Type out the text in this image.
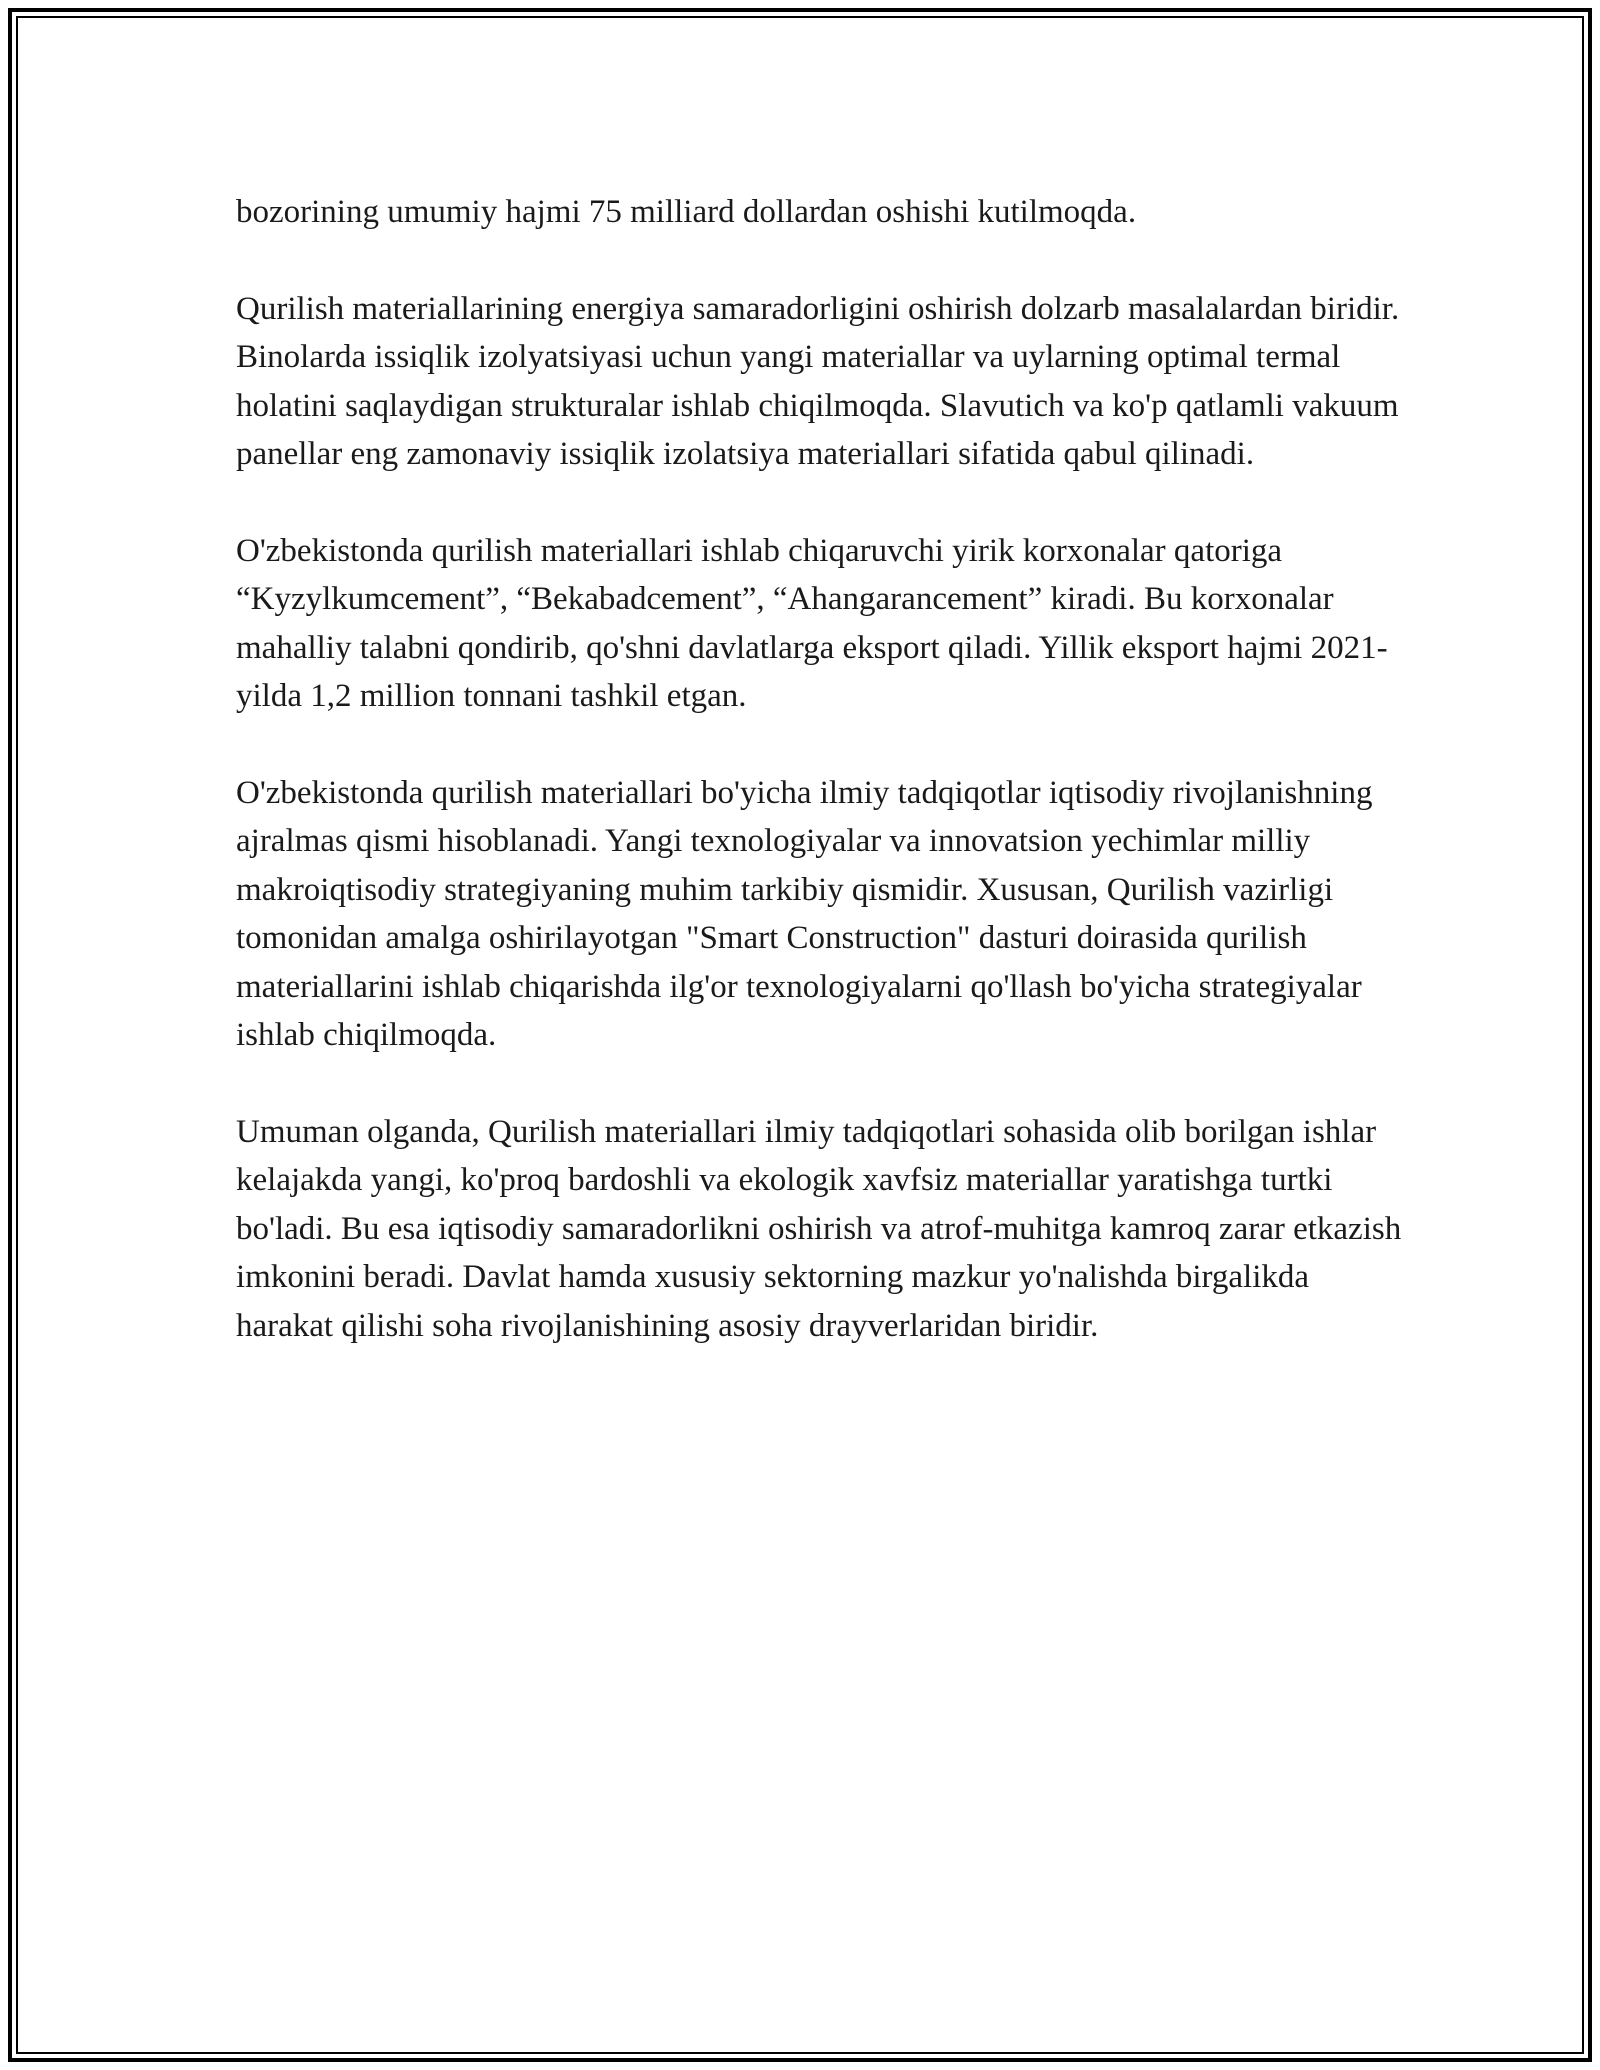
bozorining umumiy hajmi 75 milliard dollardan oshishi kutilmoqda.

Qurilish materiallarining energiya samaradorligini oshirish dolzarb masalalardan biridir. Binolarda issiqlik izolyatsiyasi uchun yangi materiallar va uylarning optimal termal holatini saqlaydigan strukturalar ishlab chiqilmoqda. Slavutich va ko'p qatlamli vakuum panellar eng zamonaviy issiqlik izolatsiya materiallari sifatida qabul qilinadi.

O'zbekistonda qurilish materiallari ishlab chiqaruvchi yirik korxonalar qatoriga “Kyzylkumcement”, “Bekabadcement”, “Ahangarancement” kiradi. Bu korxonalar mahalliy talabni qondirib, qo'shni davlatlarga eksport qiladi. Yillik eksport hajmi 2021-yilda 1,2 million tonnani tashkil etgan.

O'zbekistonda qurilish materiallari bo'yicha ilmiy tadqiqotlar iqtisodiy rivojlanishning ajralmas qismi hisoblanadi. Yangi texnologiyalar va innovatsion yechimlar milliy makroiqtisodiy strategiyaning muhim tarkibiy qismidir. Xususan, Qurilish vazirligi tomonidan amalga oshirilayotgan "Smart Construction" dasturi doirasida qurilish materiallarini ishlab chiqarishda ilg'or texnologiyalarni qo'llash bo'yicha strategiyalar ishlab chiqilmoqda.

Umuman olganda, Qurilish materiallari ilmiy tadqiqotlari sohasida olib borilgan ishlar kelajakda yangi, ko'proq bardoshli va ekologik xavfsiz materiallar yaratishga turtki bo'ladi. Bu esa iqtisodiy samaradorlikni oshirish va atrof-muhitga kamroq zarar etkazish imkonini beradi. Davlat hamda xususiy sektorning mazkur yo'nalishda birgalikda harakat qilishi soha rivojlanishining asosiy drayverlaridan biridir.
